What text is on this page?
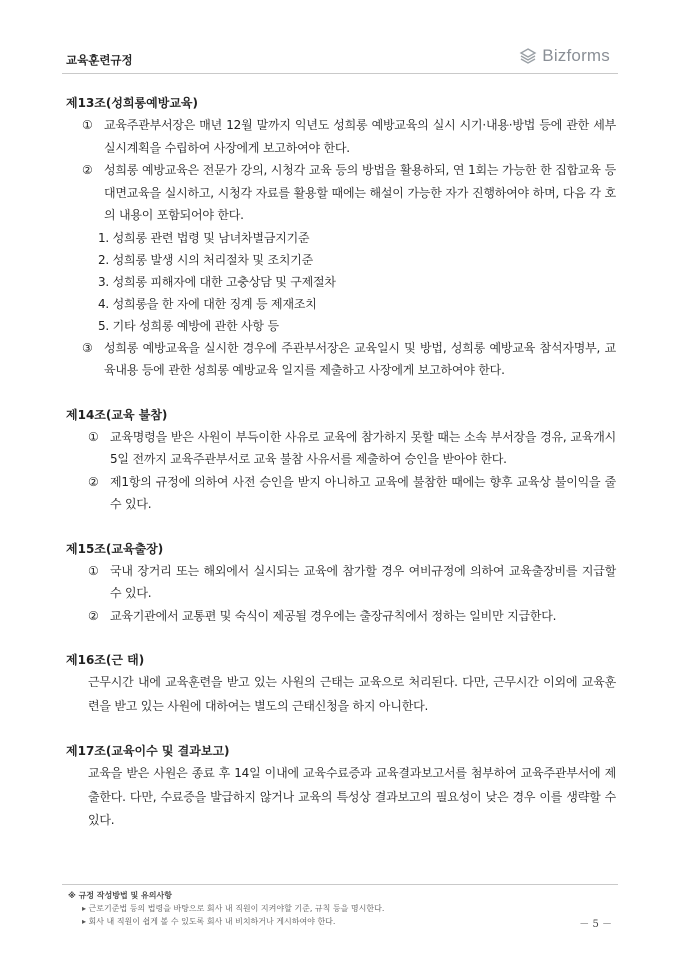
교육훈련규정	Bizforms
제13조(성희롱예방교육)
① 교육주관부서장은 매년 12월 말까지 익년도 성희롱 예방교육의 실시 시기·내용·방법 등에 관한 세부 실시계획을 수립하여 사장에게 보고하여야 한다.
② 성희롱 예방교육은 전문가 강의, 시청각 교육 등의 방법을 활용하되, 연 1회는 가능한 한 집합교육 등 대면교육을 실시하고, 시청각 자료를 활용할 때에는 해설이 가능한 자가 진행하여야 하며, 다음 각 호의 내용이 포함되어야 한다.
1. 성희롱 관련 법령 및 남녀차별금지기준
2. 성희롱 발생 시의 처리절차 및 조치기준
3. 성희롱 피해자에 대한 고충상담 및 구제절차
4. 성희롱을 한 자에 대한 징계 등 제재조치
5. 기타 성희롱 예방에 관한 사항 등
③ 성희롱 예방교육을 실시한 경우에 주관부서장은 교육일시 및 방법, 성희롱 예방교육 참석자명부, 교육내용 등에 관한 성희롱 예방교육 일지를 제출하고 사장에게 보고하여야 한다.
제14조(교육 불참)
① 교육명령을 받은 사원이 부득이한 사유로 교육에 참가하지 못할 때는 소속 부서장을 경유, 교육개시 5일 전까지 교육주관부서로 교육 불참 사유서를 제출하여 승인을 받아야 한다.
② 제1항의 규정에 의하여 사전 승인을 받지 아니하고 교육에 불참한 때에는 향후 교육상 불이익을 줄 수 있다.
제15조(교육출장)
① 국내 장거리 또는 해외에서 실시되는 교육에 참가할 경우 여비규정에 의하여 교육출장비를 지급할 수 있다.
② 교육기관에서 교통편 및 숙식이 제공될 경우에는 출장규칙에서 정하는 일비만 지급한다.
제16조(근 태)
근무시간 내에 교육훈련을 받고 있는 사원의 근태는 교육으로 처리된다. 다만, 근무시간 이외에 교육훈련을 받고 있는 사원에 대하여는 별도의 근태신청을 하지 아니한다.
제17조(교육이수 및 결과보고)
교육을 받은 사원은 종료 후 14일 이내에 교육수료증과 교육결과보고서를 첨부하여 교육주관부서에 제출한다. 다만, 수료증을 발급하지 않거나 교육의 특성상 결과보고의 필요성이 낮은 경우 이를 생략할 수 있다.
※ 규정 작성방법 및 유의사항
▸ 근로기준법 등의 법령을 바탕으로 회사 내 직원이 지켜야할 기준, 규칙 등을 명시한다.
▸ 회사 내 직원이 쉽게 볼 수 있도록 회사 내 비치하거나 게시하여야 한다.	－ 5 －
